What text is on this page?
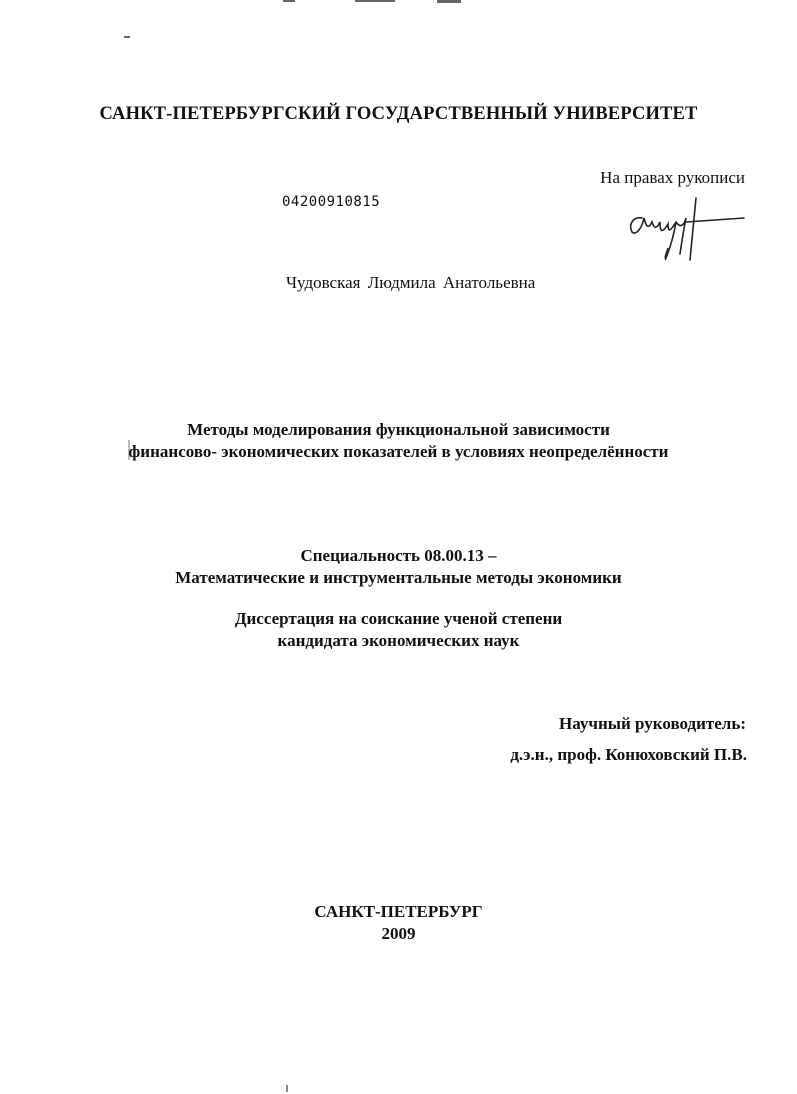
САНКТ-ПЕТЕРБУРГСКИЙ ГОСУДАРСТВЕННЫЙ УНИВЕРСИТЕТ
На правах рукописи
04200910815
Чудовская Людмила Анатольевна
Методы моделирования функциональной зависимости
финансово- экономических показателей в условиях неопределённости
Специальность 08.00.13 –
Математические и инструментальные методы экономики
Диссертация на соискание ученой степени
кандидата экономических наук
Научный руководитель:
д.э.н., проф. Конюховский П.В.
САНКТ-ПЕТЕРБУРГ
2009
